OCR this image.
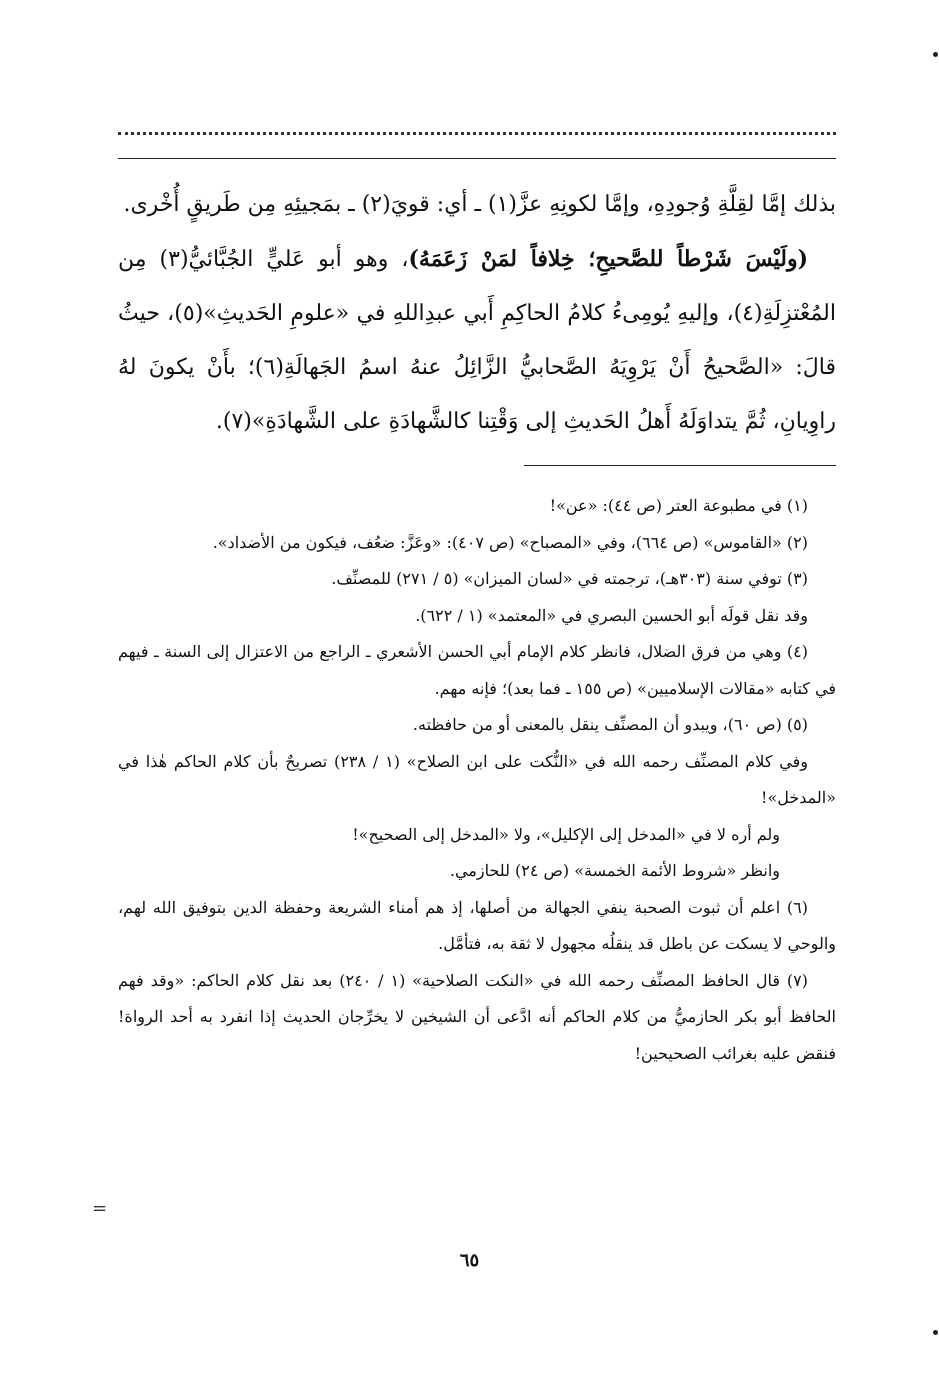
بذلك إمَّا لقِلَّةِ وُجودِهِ، وإمَّا لكونِهِ عزَّ(١) ـ أي: قويَ(٢) ـ بمَجيئِهِ مِن طَريقٍ أُخْرى.

(ولَيْسَ شَرْطاً للصَّحيحِ؛ خِلافاً لمَنْ زَعَمَهُ)، وهو أبو عَليٍّ الجُبَّائيُّ(٣) مِن المُعْتزِلَةِ(٤)، وإليهِ يُومِىءُ كلامُ الحاكِمِ أَبي عبدِاللهِ في «علومِ الحَديثِ»(٥)، حيثُ قالَ: «الصَّحيحُ أَنْ يَرْوِيَهُ الصَّحابيُّ الزَّائِلُ عنهُ اسمُ الجَهالَةِ(٦)؛ بأَنْ يكونَ لهُ راوِيانِ، ثُمَّ يتداوَلَهُ أَهلُ الحَديثِ إلى وَقْتِنا كالشَّهادَةِ على الشَّهادَةِ»(٧).

(١) في مطبوعة العتر (ص ٤٤): «عن»!

(٢) «القاموس» (ص ٦٦٤)، وفي «المصباح» (ص ٤٠٧): «وعَزَّ: ضعُف، فيكون من الأضداد».

(٣) توفي سنة (٣٠٣هـ)، ترجمته في «لسان الميزان» (٥ / ٢٧١) للمصنِّف.

وقد نقل قولَه أبو الحسين البصري في «المعتمد» (١ / ٦٢٢).

(٤) وهي من فرق الضلال، فانظر كلام الإمام أبي الحسن الأشعري ـ الراجع من الاعتزال إلى السنة ـ فيهم في كتابه «مقالات الإسلاميين» (ص ١٥٥ ـ فما بعد)؛ فإنه مهم.

(٥) (ص ٦٠)، ويبدو أن المصنِّف ينقل بالمعنى أو من حافظته.

وفي كلام المصنِّف رحمه الله في «النُّكت على ابن الصلاح» (١ / ٢٣٨) تصريحٌ بأن كلام الحاكم هٰذا في «المدخل»!

ولم أره لا في «المدخل إلى الإكليل»، ولا «المدخل إلى الصحيح»!

وانظر «شروط الأئمة الخمسة» (ص ٢٤) للحازمي.

(٦) اعلم أن ثبوت الصحبة ينفي الجهالة من أصلها، إذ هم أمناء الشريعة وحفظة الدين بتوفيق الله لهم، والوحي لا يسكت عن باطل قد ينقلُه مجهول لا ثقة به، فتأمَّل.

(٧) قال الحافظ المصنِّف رحمه الله في «النكت الصلاحية» (١ / ٢٤٠) بعد نقل كلام الحاكم: «وقد فهم الحافظ أبو بكر الحازميُّ من كلام الحاكم أنه ادَّعى أن الشيخين لا يخرِّجان الحديث إذا انفرد به أحد الرواة! فنقض عليه بغرائب الصحيحين!

=
٦٥
